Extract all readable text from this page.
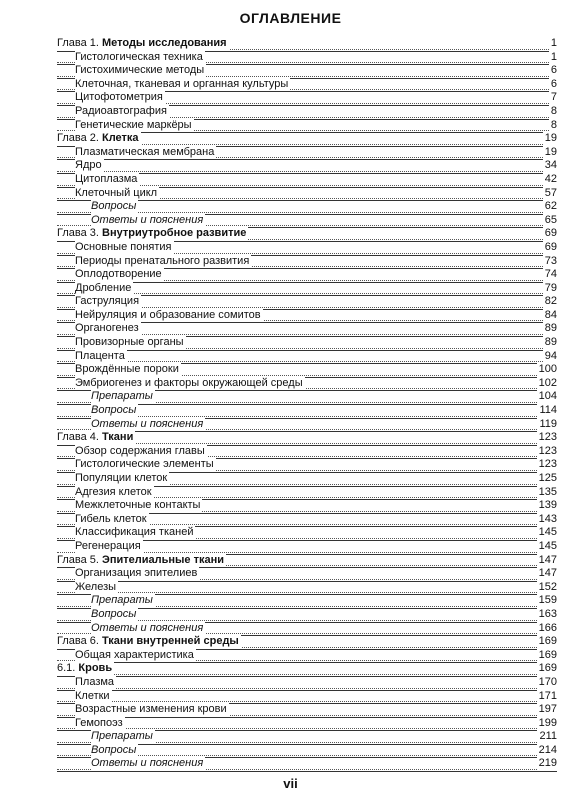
ОГЛАВЛЕНИЕ
Глава 1. Методы исследования	1
Гистологическая техника	1
Гистохимические методы	6
Клеточная, тканевая и органная культуры	6
Цитофотометрия	7
Радиоавтография	8
Генетические маркёры	8
Глава 2. Клетка	19
Плазматическая мембрана	19
Ядро	34
Цитоплазма	42
Клеточный цикл	57
Вопросы	62
Ответы и пояснения	65
Глава 3. Внутриутробное развитие	69
Основные понятия	69
Периоды пренатального развития	73
Оплодотворение	74
Дробление	79
Гаструляция	82
Нейруляция и образование сомитов	84
Органогенез	89
Провизорные органы	89
Плацента	94
Врождённые пороки	100
Эмбриогенез и факторы окружающей среды	102
Препараты	104
Вопросы	114
Ответы и пояснения	119
Глава 4. Ткани	123
Обзор содержания главы	123
Гистологические элементы	123
Популяции клеток	125
Адгезия клеток	135
Межклеточные контакты	139
Гибель клеток	143
Классификация тканей	145
Регенерация	145
Глава 5. Эпителиальные ткани	147
Организация эпителиев	147
Железы	152
Препараты	159
Вопросы	163
Ответы и пояснения	166
Глава 6. Ткани внутренней среды	169
Общая характеристика	169
6.1. Кровь	169
Плазма	170
Клетки	171
Возрастные изменения крови	197
Гемопоэз	199
Препараты	211
Вопросы	214
Ответы и пояснения	219
vii
